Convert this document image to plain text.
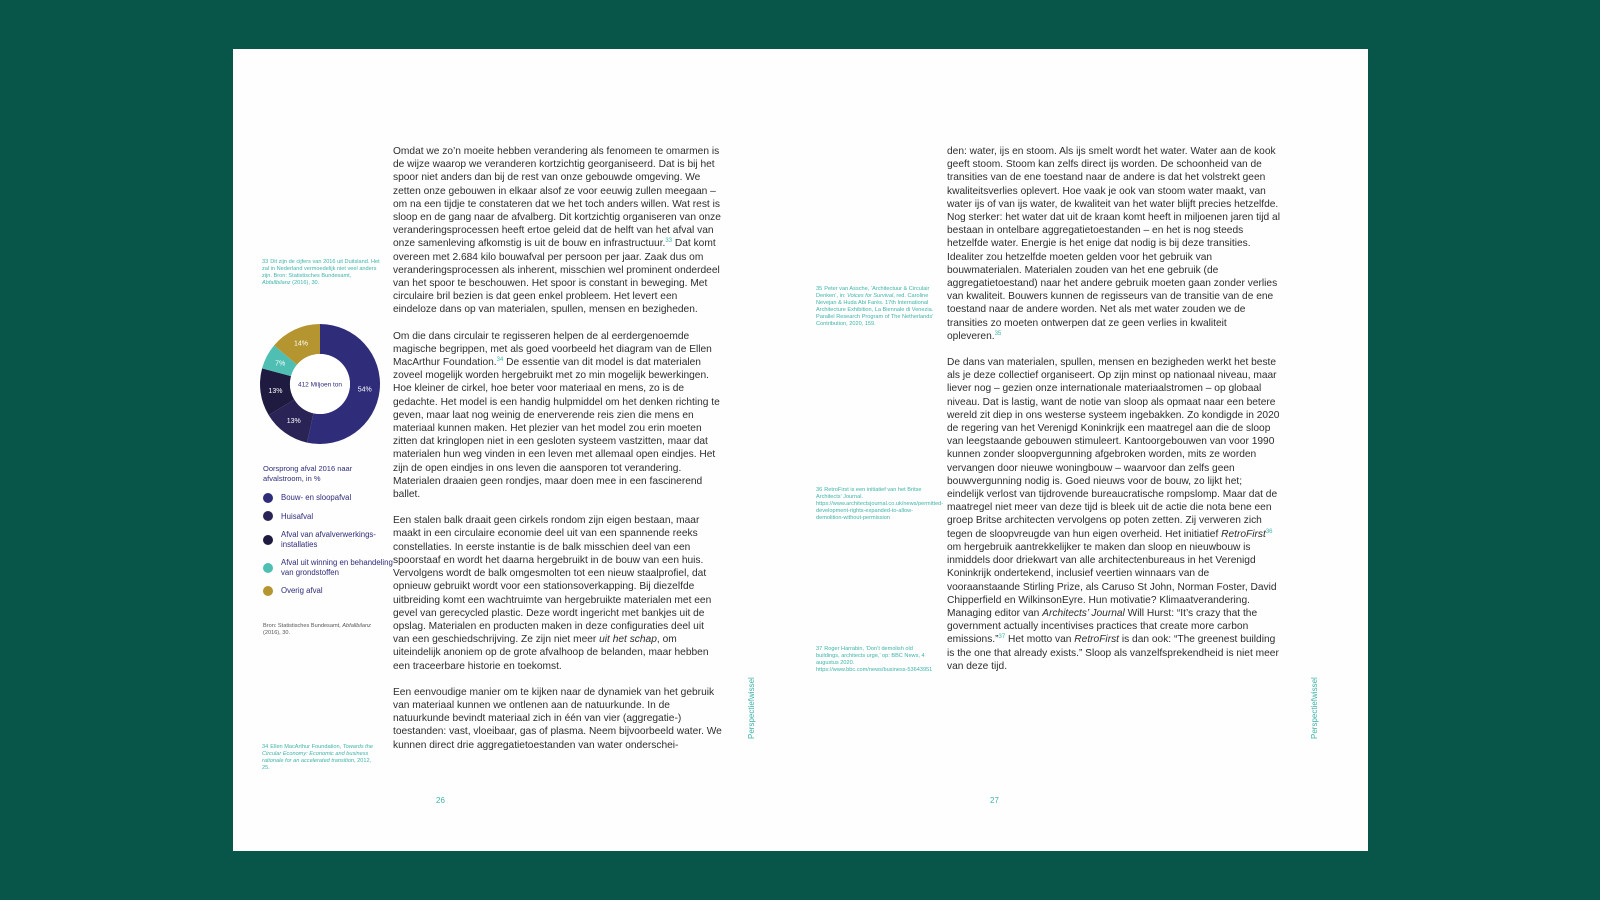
33 Dit zijn de cijfers van 2016 uit Duitsland. Het zal in Nederland vermoedelijk niet veel anders zijn. Bron: Statistisches Bundesamt, Abfallbilanz (2016), 30.
54%
13%
13%
7%
14%
412 Miljoen ton
Oorsprong afval 2016 naar afvalstroom, in %
Bouw- en sloopafval
Huisafval
Afval van afvalverwerkings-installaties
Afval uit winning en behandeling van grondstoffen
Overig afval
Bron: Statistisches Bundesamt, Abfallbilanz (2016), 30.
34 Ellen MacArthur Foundation, Towards the Circular Economy: Economic and business rationale for an accelerated transition, 2012, 25.

Omdat we zo’n moeite hebben verandering als fenomeen te omarmen is de wijze waarop we veranderen kortzichtig georganiseerd. Dat is bij het spoor niet anders dan bij de rest van onze gebouwde omgeving. We zetten onze gebouwen in elkaar alsof ze voor eeuwig zullen meegaan – om na een tijdje te constateren dat we het toch anders willen. Wat rest is sloop en de gang naar de afvalberg. Dit kortzichtig organiseren van onze veranderingsprocessen heeft ertoe geleid dat de helft van het afval van onze samenleving afkomstig is uit de bouw en infrastructuur.$^{33}$ Dat komt overeen met 2.684 kilo bouwafval per persoon per jaar. Zaak dus om veranderingsprocessen als inherent, misschien wel prominent onderdeel van het spoor te beschouwen. Het spoor is constant in beweging. Met circulaire bril bezien is dat geen enkel probleem. Het levert een eindeloze dans op van materialen, spullen, mensen en bezigheden.

Om die dans circulair te regisseren helpen de al eerdergenoemde magische begrippen, met als goed voorbeeld het diagram van de Ellen MacArthur Foundation.$^{34}$ De essentie van dit model is dat materialen zoveel mogelijk worden hergebruikt met zo min mogelijk bewerkingen. Hoe kleiner de cirkel, hoe beter voor materiaal en mens, zo is de gedachte. Het model is een handig hulpmiddel om het denken richting te geven, maar laat nog weinig de enerverende reis zien die mens en materiaal kunnen maken. Het plezier van het model zou erin moeten zitten dat kringlopen niet in een gesloten systeem vastzitten, maar dat materialen hun weg vinden in een leven met allemaal open eindjes. Het zijn de open eindjes in ons leven die aansporen tot verandering. Materialen draaien geen rondjes, maar doen mee in een fascinerend ballet.

Een stalen balk draait geen cirkels rondom zijn eigen bestaan, maar maakt in een circulaire economie deel uit van een spannende reeks constellaties. In eerste instantie is de balk misschien deel van een spoorstaaf en wordt het daarna hergebruikt in de bouw van een huis. Vervolgens wordt de balk omgesmolten tot een nieuw staalprofiel, dat opnieuw gebruikt wordt voor een stationsoverkapping. Bij diezelfde uitbreiding komt een wachtruimte van hergebruikte materialen met een gevel van gerecycled plastic. Deze wordt ingericht met bankjes uit de opslag. Materialen en producten maken in deze configuraties deel uit van een geschiedschrijving. Ze zijn niet meer uit het schap, om uiteindelijk anoniem op de grote afvalhoop de belanden, maar hebben een traceerbare historie en toekomst.

Een eenvoudige manier om te kijken naar de dynamiek van het gebruik van materiaal kunnen we ontlenen aan de natuurkunde. In de natuurkunde bevindt materiaal zich in één van vier (aggregatie-) toestanden: vast, vloeibaar, gas of plasma. Neem bijvoorbeeld water. We kunnen direct drie aggregatietoestanden van water onderschei-

Perspectiefwissel
26
35 Peter van Assche, ‘Architectuur & Circulair Denken’, in: Voices for Survival, red. Caroline Nevejan & Huda Abi Farès. 17th International Architecture Exhibition, La Biennale di Venezia. Parallel Research Program of The Netherlands’ Contribution, 2020, 159.
36 RetroFirst is een initiatief van het Britse Architects’ Journal. https://www.architectsjournal.co.uk/news/permitted-development-rights-expanded-to-allow-demolition-without-permission
37 Roger Harrabin, ‘Don’t demolish old buildings, architects urge,’ op: BBC News, 4 augustus 2020. https://www.bbc.com/news/business-53643951

den: water, ijs en stoom. Als ijs smelt wordt het water. Water aan de kook geeft stoom. Stoom kan zelfs direct ijs worden. De schoonheid van de transities van de ene toestand naar de andere is dat het volstrekt geen kwaliteitsverlies oplevert. Hoe vaak je ook van stoom water maakt, van water ijs of van ijs water, de kwaliteit van het water blijft precies hetzelfde. Nog sterker: het water dat uit de kraan komt heeft in miljoenen jaren tijd al bestaan in ontelbare aggregatietoestanden – en het is nog steeds hetzelfde water. Energie is het enige dat nodig is bij deze transities. Idealiter zou hetzelfde moeten gelden voor het gebruik van bouwmaterialen. Materialen zouden van het ene gebruik (de aggregatietoestand) naar het andere gebruik moeten gaan zonder verlies van kwaliteit. Bouwers kunnen de regisseurs van de transitie van de ene toestand naar de andere worden. Net als met water zouden we de transities zo moeten ontwerpen dat ze geen verlies in kwaliteit opleveren.$^{35}$

De dans van materialen, spullen, mensen en bezigheden werkt het beste als je deze collectief organiseert. Op zijn minst op nationaal niveau, maar liever nog – gezien onze internationale materiaalstromen – op globaal niveau. Dat is lastig, want de notie van sloop als opmaat naar een betere wereld zit diep in ons westerse systeem ingebakken. Zo kondigde in 2020 de regering van het Verenigd Koninkrijk een maatregel aan die de sloop van leegstaande gebouwen stimuleert. Kantoorgebouwen van voor 1990 kunnen zonder sloopvergunning afgebroken worden, mits ze worden vervangen door nieuwe woningbouw – waarvoor dan zelfs geen bouwvergunning nodig is. Goed nieuws voor de bouw, zo lijkt het; eindelijk verlost van tijdrovende bureaucratische rompslomp. Maar dat de maatregel niet meer van deze tijd is bleek uit de actie die nota bene een groep Britse architecten vervolgens op poten zetten. Zij verweren zich tegen de sloopvreugde van hun eigen overheid. Het initiatief RetroFirst$^{36}$ om hergebruik aantrekkelijker te maken dan sloop en nieuwbouw is inmiddels door driekwart van alle architectenbureaus in het Verenigd Koninkrijk ondertekend, inclusief veertien winnaars van de vooraanstaande Stirling Prize, als Caruso St John, Norman Foster, David Chipperfield en WilkinsonEyre. Hun motivatie? Klimaatverandering. Managing editor van Architects’ Journal Will Hurst: “It’s crazy that the government actually incentivises practices that create more carbon emissions.”$^{37}$ Het motto van RetroFirst is dan ook: “The greenest building is the one that already exists.” Sloop als vanzelfsprekendheid is niet meer van deze tijd.

Perspectiefwissel
27
